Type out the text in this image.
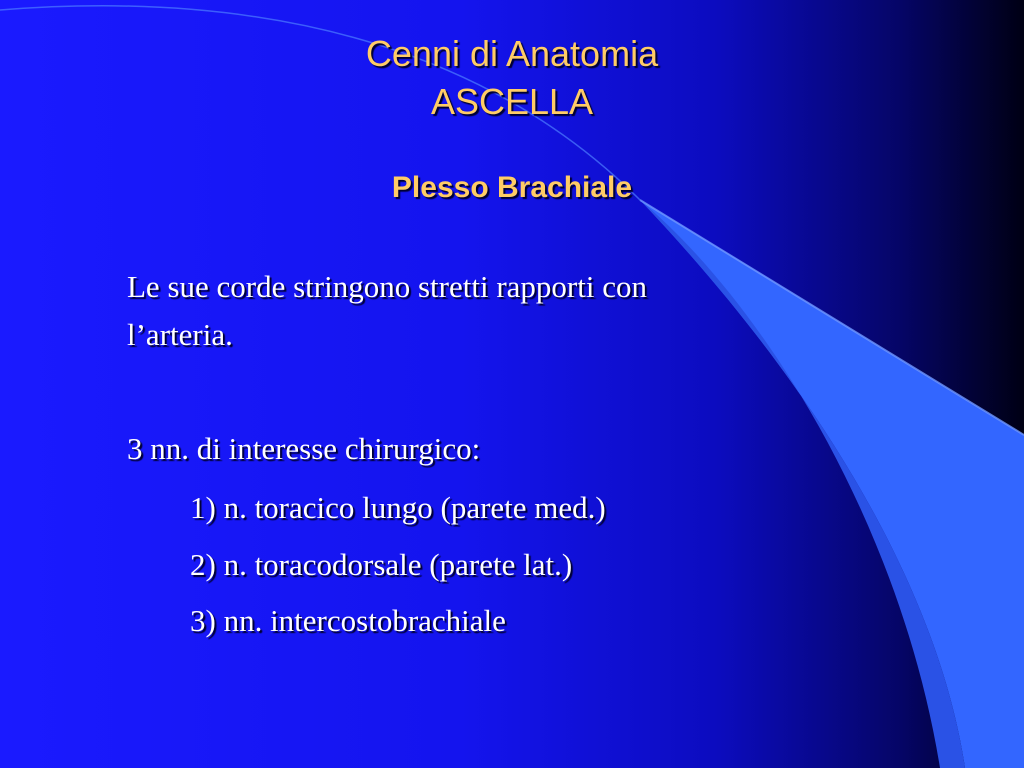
Cenni di Anatomia
ASCELLA
Plesso Brachiale
Le sue corde stringono stretti rapporti con
l’arteria.
3 nn. di interesse chirurgico:
1) n. toracico lungo (parete med.)
2) n. toracodorsale (parete lat.)
3) nn. intercostobrachiale
